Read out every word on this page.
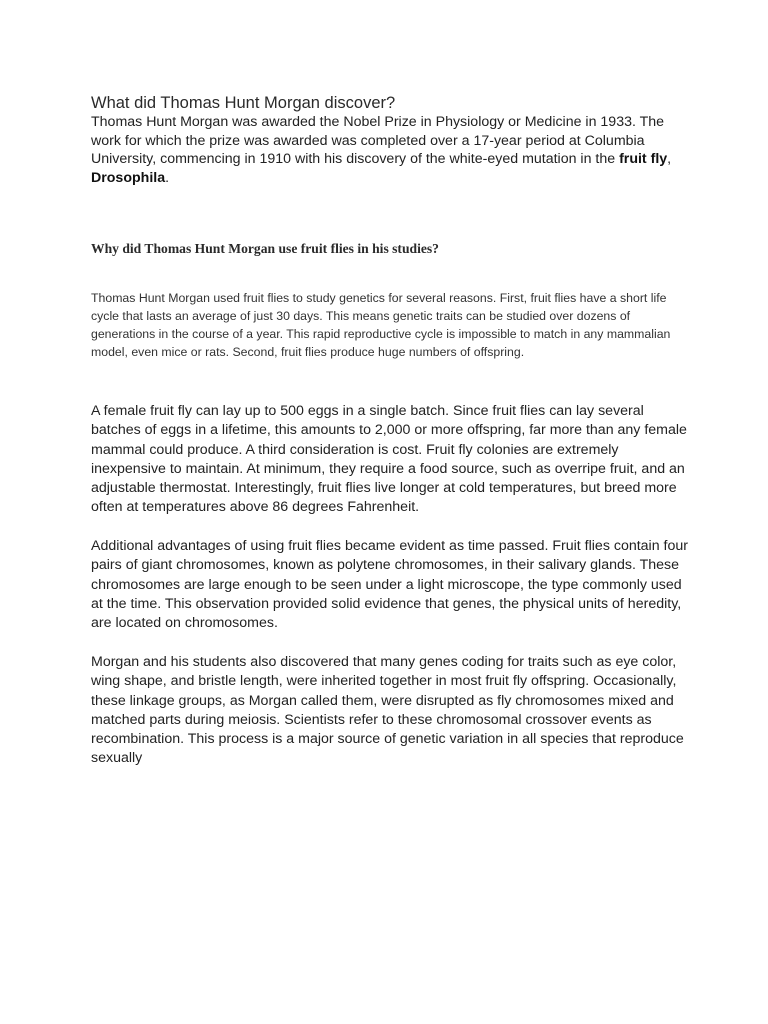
What did Thomas Hunt Morgan discover?

Thomas Hunt Morgan was awarded the Nobel Prize in Physiology or Medicine in 1933. The work for which the prize was awarded was completed over a 17-year period at Columbia University, commencing in 1910 with his discovery of the white-eyed mutation in the fruit fly, Drosophila.

Why did Thomas Hunt Morgan use fruit flies in his studies?

Thomas Hunt Morgan used fruit flies to study genetics for several reasons. First, fruit flies have a short life cycle that lasts an average of just 30 days. This means genetic traits can be studied over dozens of generations in the course of a year. This rapid reproductive cycle is impossible to match in any mammalian model, even mice or rats. Second, fruit flies produce huge numbers of offspring.

A female fruit fly can lay up to 500 eggs in a single batch. Since fruit flies can lay several batches of eggs in a lifetime, this amounts to 2,000 or more offspring, far more than any female mammal could produce. A third consideration is cost. Fruit fly colonies are extremely inexpensive to maintain. At minimum, they require a food source, such as overripe fruit, and an adjustable thermostat. Interestingly, fruit flies live longer at cold temperatures, but breed more often at temperatures above 86 degrees Fahrenheit.

Additional advantages of using fruit flies became evident as time passed. Fruit flies contain four pairs of giant chromosomes, known as polytene chromosomes, in their salivary glands. These chromosomes are large enough to be seen under a light microscope, the type commonly used at the time. This observation provided solid evidence that genes, the physical units of heredity, are located on chromosomes.

Morgan and his students also discovered that many genes coding for traits such as eye color, wing shape, and bristle length, were inherited together in most fruit fly offspring. Occasionally, these linkage groups, as Morgan called them, were disrupted as fly chromosomes mixed and matched parts during meiosis. Scientists refer to these chromosomal crossover events as recombination. This process is a major source of genetic variation in all species that reproduce sexually
